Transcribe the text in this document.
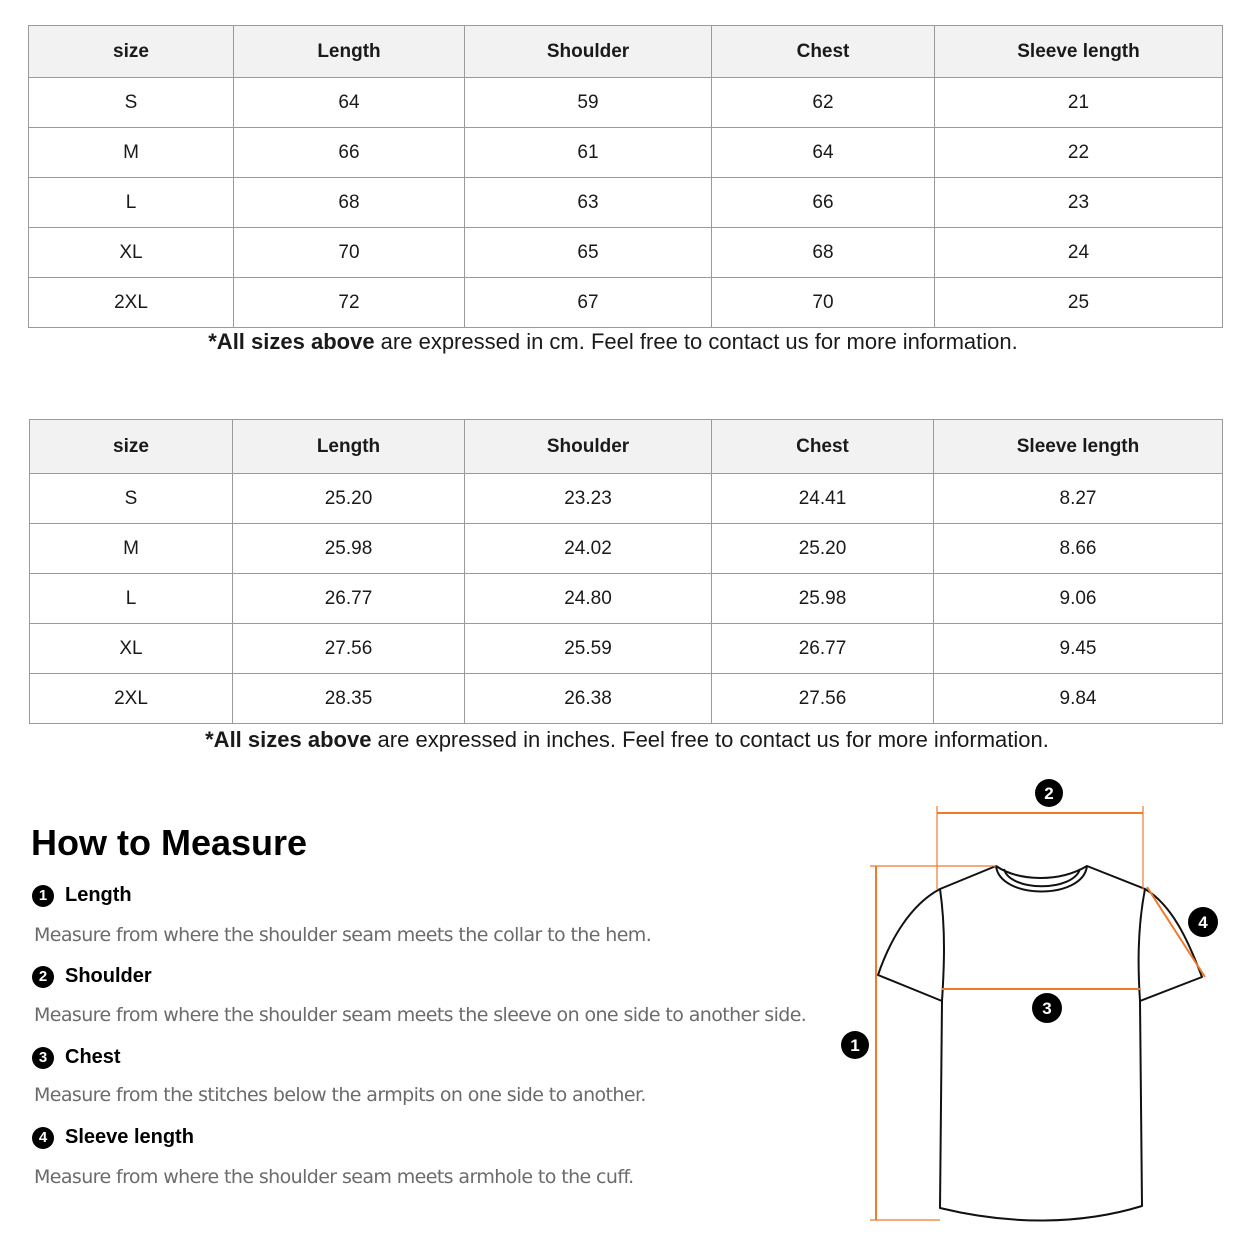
size	Length	Shoulder	Chest	Sleeve length
S	64	59	62	21
M	66	61	64	22
L	68	63	66	23
XL	70	65	68	24
2XL	72	67	70	25
*All sizes above are expressed in cm. Feel free to contact us for more information.
size	Length	Shoulder	Chest	Sleeve length
S	25.20	23.23	24.41	8.27
M	25.98	24.02	25.20	8.66
L	26.77	24.80	25.98	9.06
XL	27.56	25.59	26.77	9.45
2XL	28.35	26.38	27.56	9.84
*All sizes above are expressed in inches. Feel free to contact us for more information.
How to Measure
1 Length
Measure from where the shoulder seam meets the collar to the hem.
2 Shoulder
Measure from where the shoulder seam meets the sleeve on one side to another side.
3 Chest
Measure from the stitches below the armpits on one side to another.
4 Sleeve length
Measure from where the shoulder seam meets armhole to the cuff.
1
2
3
4
